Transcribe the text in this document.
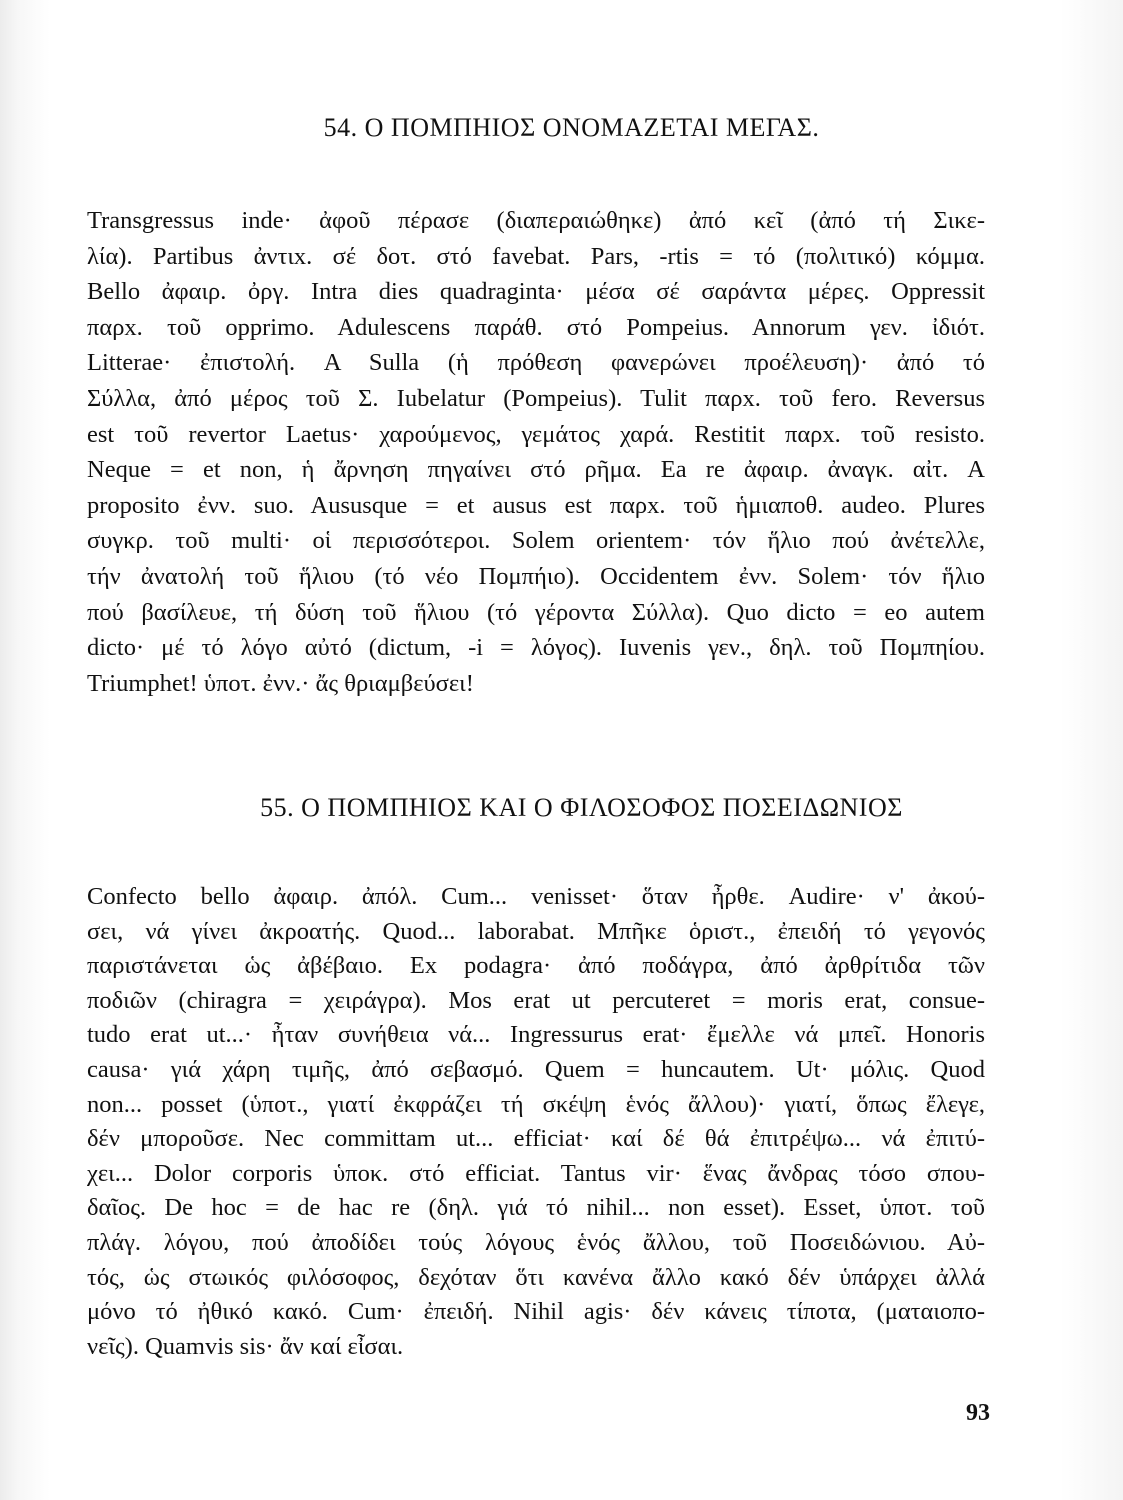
54. Ο ΠΟΜΠΗΙΟΣ ΟΝΟΜΑΖΕΤΑΙ ΜΕΓΑΣ.
Transgressus inde· ἀφοῦ πέρασε (διαπεραιώθηκε) ἀπό κεῖ (ἀπό τή Σικε-
λία). Partibus ἀντιx. σέ δοτ. στό favebat. Pars, -rtis = τό (πολιτικό) κόμμα.
Bello ἀφαιρ. ὀργ. Intra dies quadraginta· μέσα σέ σαράντα μέρες. Oppressit
παρx. τοῦ opprimo. Adulescens παράθ. στό Pompeius. Annorum γεν. ἰδιότ.
Litterae· ἐπιστολή. A Sulla (ἡ πρόθεση φανερώνει προέλευση)· ἀπό τό
Σύλλα, ἀπό μέρος τοῦ Σ. Iubelatur (Pompeius). Tulit παρx. τοῦ fero. Reversus
est τοῦ revertor Laetus· χαρούμενος, γεμάτος χαρά. Restitit παρx. τοῦ resisto.
Neque = et non, ἡ ἄρνηση πηγαίνει στό ρῆμα. Ea re ἀφαιρ. ἀναγκ. αἰτ. A
proposito ἐνν. suo. Aususque = et ausus est παρx. τοῦ ἡμιαποθ. audeo. Plures
συγκρ. τοῦ multi· οἱ περισσότεροι. Solem orientem· τόν ἥλιο πού ἀνέτελλε,
τήν ἀνατολή τοῦ ἥλιου (τό νέο Πομπήιο). Occidentem ἐνν. Solem· τόν ἥλιο
πού βασίλευε, τή δύση τοῦ ἥλιου (τό γέροντα Σύλλα). Quo dicto = eo autem
dicto· μέ τό λόγο αὐτό (dictum, -i = λόγος). Iuvenis γεν., δηλ. τοῦ Πομπηίου.
Triumphet! ὑποτ. ἐνν.· ἄς θριαμβεύσει!
55. Ο ΠΟΜΠΗΙΟΣ ΚΑΙ Ο ΦΙΛΟΣΟΦΟΣ ΠΟΣΕΙΔΩΝΙΟΣ
Confecto bello ἀφαιρ. ἀπόλ. Cum... venisset· ὅταν ἦρθε. Audire· ν' ἀκού-
σει, νά γίνει ἀκροατής. Quod... laborabat. Μπῆκε ὁριστ., ἐπειδή τό γεγονός
παριστάνεται ὡς ἀβέβαιο. Ex podagra· ἀπό ποδάγρα, ἀπό ἀρθρίτιδα τῶν
ποδιῶν (chiragra = χειράγρα). Mos erat ut percuteret = moris erat, consue-
tudo erat ut...· ἦταν συνήθεια νά... Ingressurus erat· ἔμελλε νά μπεῖ. Honoris
causa· γιά χάρη τιμῆς, ἀπό σεβασμό. Quem = huncautem. Ut· μόλις. Quod
non... posset (ὑποτ., γιατί ἐκφράζει τή σκέψη ἑνός ἄλλου)· γιατί, ὅπως ἔλεγε,
δέν μποροῦσε. Nec committam ut... efficiat· καί δέ θά ἐπιτρέψω... νά ἐπιτύ-
χει... Dolor corporis ὑποκ. στό efficiat. Tantus vir· ἕνας ἄνδρας τόσο σπου-
δαῖος. De hoc = de hac re (δηλ. γιά τό nihil... non esset). Esset, ὑποτ. τοῦ
πλάγ. λόγου, πού ἀποδίδει τούς λόγους ἑνός ἄλλου, τοῦ Ποσειδώνιου. Αὐ-
τός, ὡς στωικός φιλόσοφος, δεχόταν ὅτι κανένα ἄλλο κακό δέν ὑπάρχει ἀλλά
μόνο τό ἠθικό κακό. Cum· ἐπειδή. Nihil agis· δέν κάνεις τίποτα, (ματαιοπο-
νεῖς). Quamvis sis· ἄν καί εἶσαι.
93
